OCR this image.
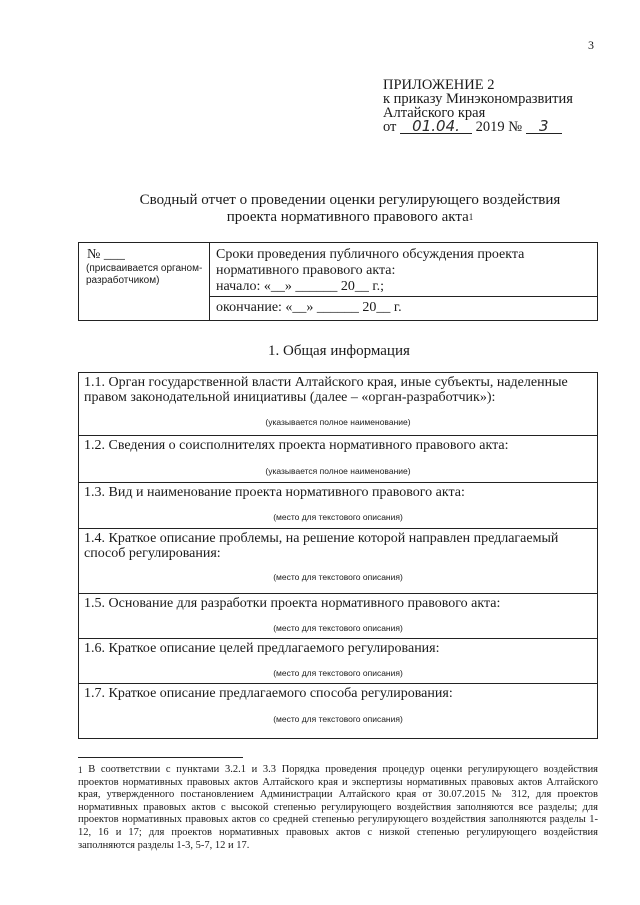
3
ПРИЛОЖЕНИЕ 2
к приказу Минэкономразвития
Алтайского края
от 01.04. 2019 № 3
Сводный отчет о проведении оценки регулирующего воздействия
проекта нормативного правового акта$^1$
№ ___
(присваивается органом-
разработчиком)
Сроки проведения публичного обсуждения проекта
нормативного правового акта:
начало: «__» ______ 20__ г.;
окончание: «__» ______ 20__ г.
1. Общая информация
1.1. Орган государственной власти Алтайского края, иные субъекты, наделенные правом законодательной инициативы (далее – «орган-разработчик»):
(указывается полное наименование)
1.2. Сведения о соисполнителях проекта нормативного правового акта:
(указывается полное наименование)
1.3. Вид и наименование проекта нормативного правового акта:
(место для текстового описания)
1.4. Краткое описание проблемы, на решение которой направлен предлагаемый способ регулирования:
(место для текстового описания)
1.5. Основание для разработки проекта нормативного правового акта:
(место для текстового описания)
1.6. Краткое описание целей предлагаемого регулирования:
(место для текстового описания)
1.7. Краткое описание предлагаемого способа регулирования:
(место для текстового описания)
$^1$ В соответствии с пунктами 3.2.1 и 3.3 Порядка проведения процедур оценки регулирующего воздействия проектов нормативных правовых актов Алтайского края и экспертизы нормативных правовых актов Алтайского края, утвержденного постановлением Администрации Алтайского края от 30.07.2015 № 312, для проектов нормативных правовых актов с высокой степенью регулирующего воздействия заполняются все разделы; для проектов нормативных правовых актов со средней степенью регулирующего воздействия заполняются разделы 1-12, 16 и 17; для проектов нормативных правовых актов с низкой степенью регулирующего воздействия заполняются разделы 1-3, 5-7, 12 и 17.
